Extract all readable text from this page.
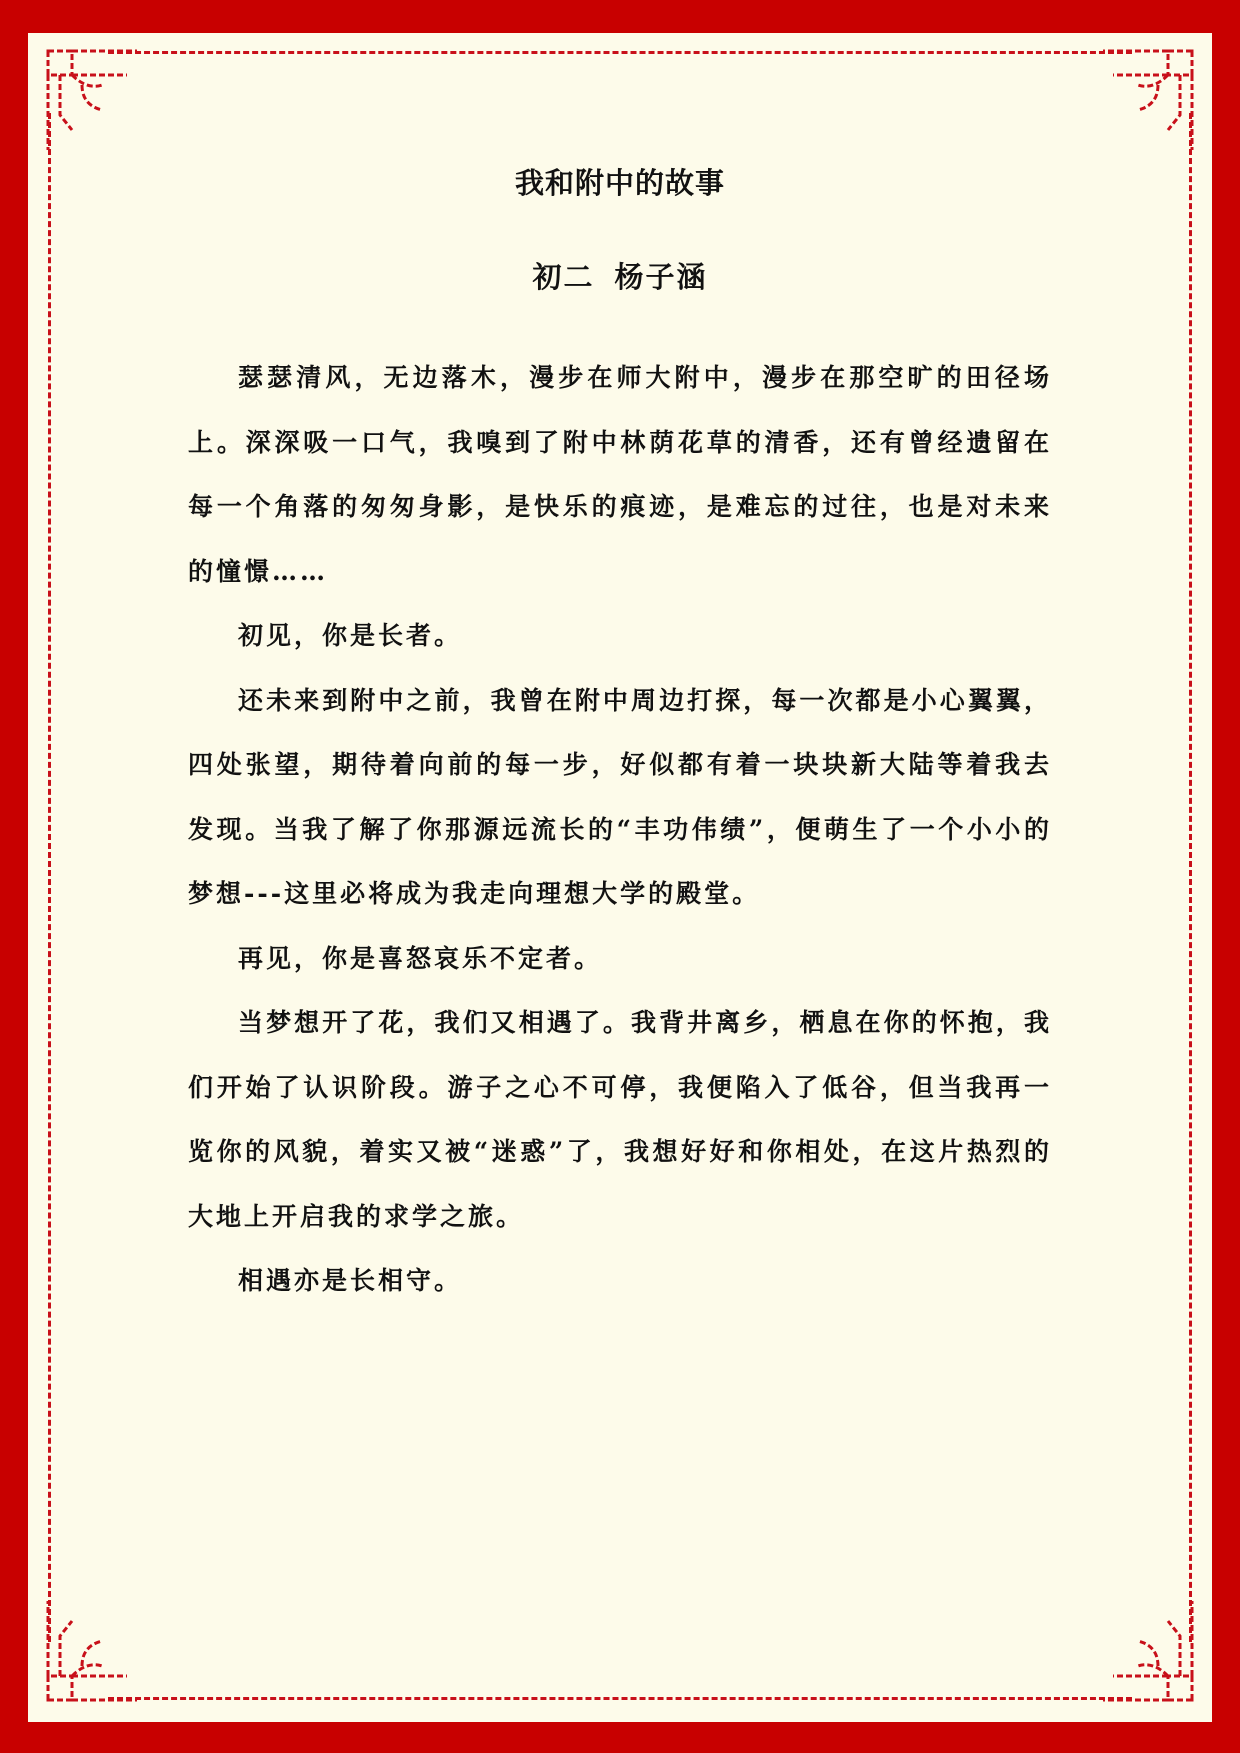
我和附中的故事
初二 杨子涵

瑟瑟清风，无边落木，漫步在师大附中，漫步在那空旷的田径场上。深深吸一口气，我嗅到了附中林荫花草的清香，还有曾经遗留在每一个角落的匆匆身影，是快乐的痕迹，是难忘的过往，也是对未来的憧憬……

初见，你是长者。

还未来到附中之前，我曾在附中周边打探，每一次都是小心翼翼，四处张望，期待着向前的每一步，好似都有着一块块新大陆等着我去发现。当我了解了你那源远流长的“丰功伟绩”，便萌生了一个小小的梦想---这里必将成为我走向理想大学的殿堂。

再见，你是喜怒哀乐不定者。

当梦想开了花，我们又相遇了。我背井离乡，栖息在你的怀抱，我们开始了认识阶段。游子之心不可停，我便陷入了低谷，但当我再一览你的风貌，着实又被“迷惑”了，我想好好和你相处，在这片热烈的大地上开启我的求学之旅。

相遇亦是长相守。
